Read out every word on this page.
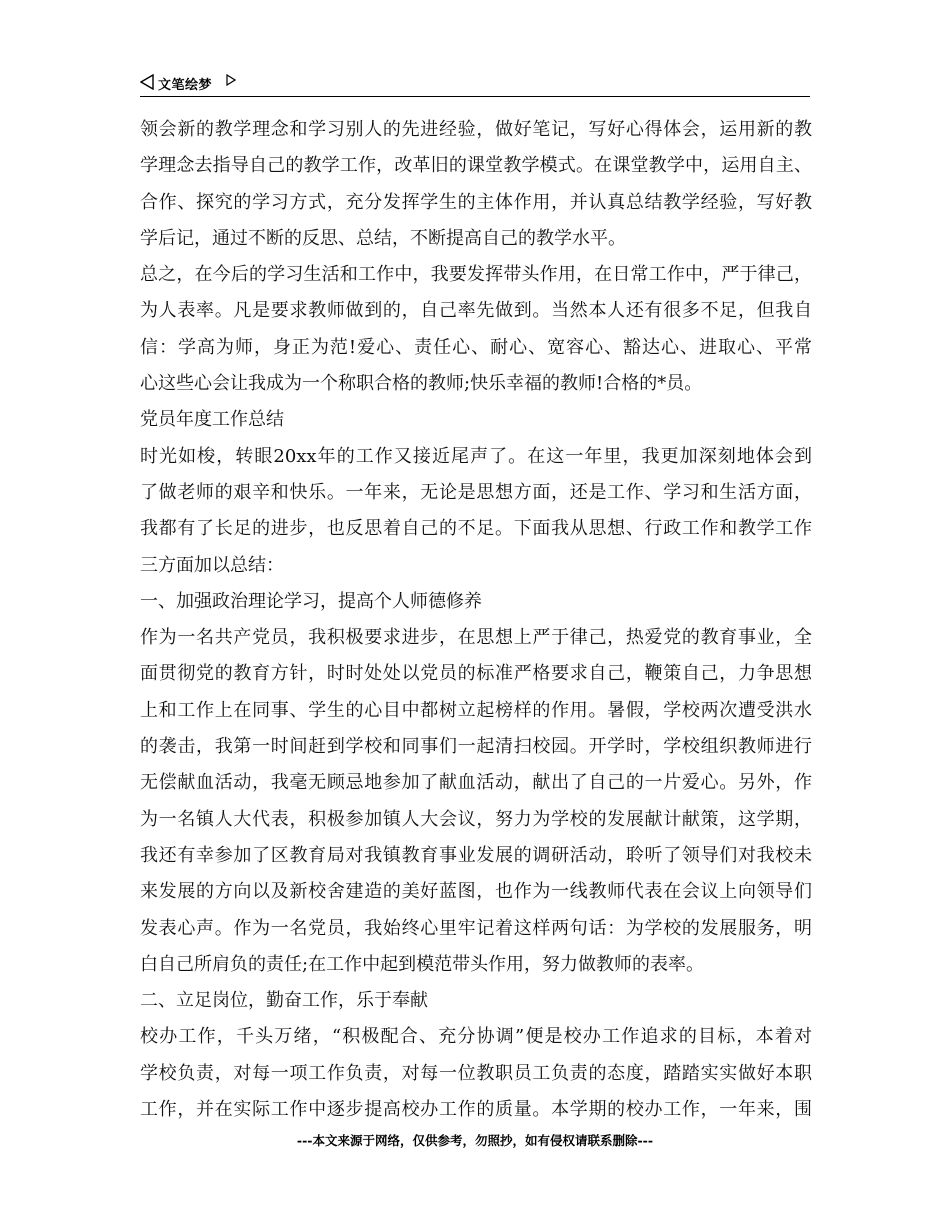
文笔绘梦
领会新的教学理念和学习别人的先进经验，做好笔记，写好心得体会，运用新的教
学理念去指导自己的教学工作，改革旧的课堂教学模式。在课堂教学中，运用自主、
合作、探究的学习方式，充分发挥学生的主体作用，并认真总结教学经验，写好教
学后记，通过不断的反思、总结，不断提高自己的教学水平。
总之，在今后的学习生活和工作中，我要发挥带头作用，在日常工作中，严于律己，
为人表率。凡是要求教师做到的，自己率先做到。当然本人还有很多不足，但我自
信：学高为师，身正为范!爱心、责任心、耐心、宽容心、豁达心、进取心、平常
心这些心会让我成为一个称职合格的教师;快乐幸福的教师!合格的*员。
党员年度工作总结
时光如梭，转眼20xx年的工作又接近尾声了。在这一年里，我更加深刻地体会到
了做老师的艰辛和快乐。一年来，无论是思想方面，还是工作、学习和生活方面，
我都有了长足的进步，也反思着自己的不足。下面我从思想、行政工作和教学工作
三方面加以总结：
一、加强政治理论学习，提高个人师德修养
作为一名共产党员，我积极要求进步，在思想上严于律己，热爱党的教育事业，全
面贯彻党的教育方针，时时处处以党员的标准严格要求自己，鞭策自己，力争思想
上和工作上在同事、学生的心目中都树立起榜样的作用。暑假，学校两次遭受洪水
的袭击，我第一时间赶到学校和同事们一起清扫校园。开学时，学校组织教师进行
无偿献血活动，我毫无顾忌地参加了献血活动，献出了自己的一片爱心。另外，作
为一名镇人大代表，积极参加镇人大会议，努力为学校的发展献计献策，这学期，
我还有幸参加了区教育局对我镇教育事业发展的调研活动，聆听了领导们对我校未
来发展的方向以及新校舍建造的美好蓝图，也作为一线教师代表在会议上向领导们
发表心声。作为一名党员，我始终心里牢记着这样两句话：为学校的发展服务，明
白自己所肩负的责任;在工作中起到模范带头作用，努力做教师的表率。
二、立足岗位，勤奋工作，乐于奉献
校办工作，千头万绪，“积极配合、充分协调”便是校办工作追求的目标，本着对
学校负责，对每一项工作负责，对每一位教职员工负责的态度，踏踏实实做好本职
工作，并在实际工作中逐步提高校办工作的质量。本学期的校办工作，一年来，围
---本文来源于网络，仅供参考，勿照抄，如有侵权请联系删除---
